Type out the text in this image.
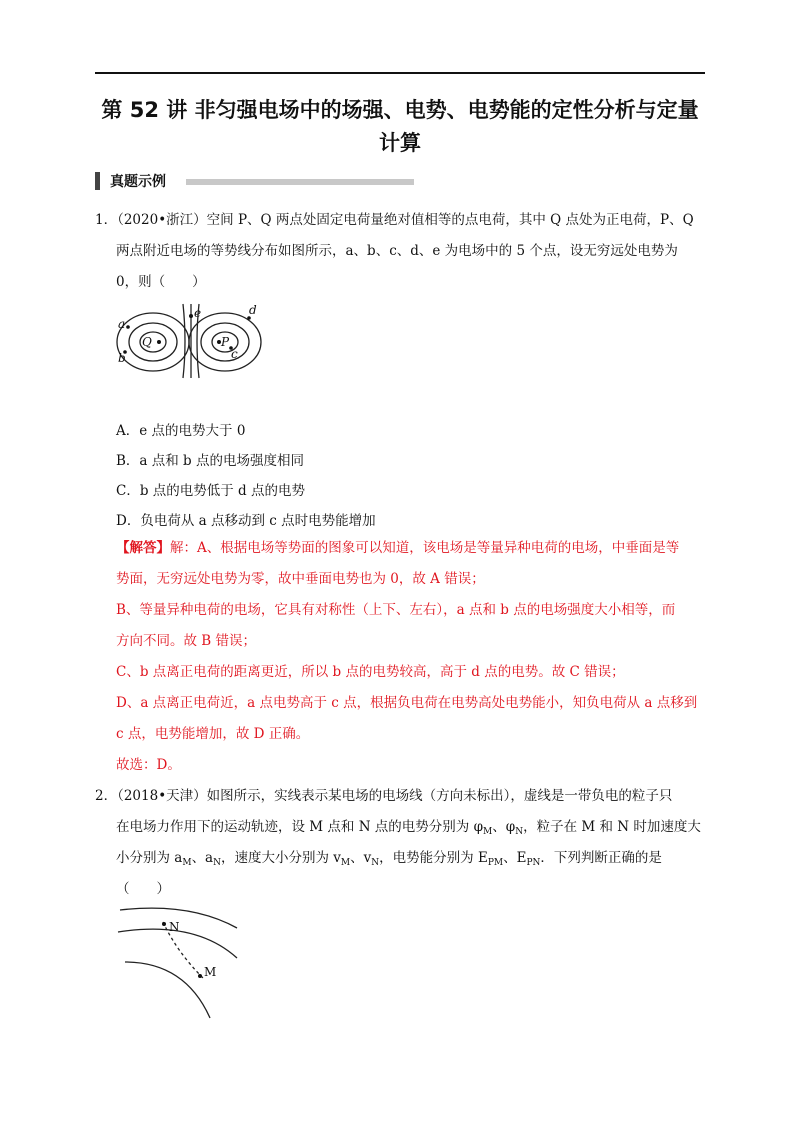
第 52 讲 非匀强电场中的场强、电势、电势能的定性分析与定量
计算
真题示例
1．（2020•浙江）空间 P、Q 两点处固定电荷量绝对值相等的点电荷，其中 Q 点处为正电荷，P、Q
两点附近电场的等势线分布如图所示，a、b、c、d、e 为电场中的 5 个点，设无穷远处电势为
0，则（　　）
Q	P
e
a
b	c
d
A．e 点的电势大于 0
B．a 点和 b 点的电场强度相同
C．b 点的电势低于 d 点的电势
D．负电荷从 a 点移动到 c 点时电势能增加
【解答】解：A、根据电场等势面的图象可以知道，该电场是等量异种电荷的电场，中垂面是等
势面，无穷远处电势为零，故中垂面电势也为 0，故 A 错误；
B、等量异种电荷的电场，它具有对称性（上下、左右），a 点和 b 点的电场强度大小相等，而
方向不同。故 B 错误；
C、b 点离正电荷的距离更近，所以 b 点的电势较高，高于 d 点的电势。故 C 错误；
D、a 点离正电荷近，a 点电势高于 c 点，根据负电荷在电势高处电势能小，知负电荷从 a 点移到
c 点，电势能增加，故 D 正确。
故选：D。
2．（2018•天津）如图所示，实线表示某电场的电场线（方向未标出），虚线是一带负电的粒子只
在电场力作用下的运动轨迹，设 M 点和 N 点的电势分别为 $\varphi_M$、$\varphi_N$，粒子在 M 和 N 时加速度大
小分别为 $a_M$、$a_N$，速度大小分别为 $v_M$、$v_N$，电势能分别为 $E_{PM}$、$E_{PN}$．下列判断正确的是
（　　）
N
M
